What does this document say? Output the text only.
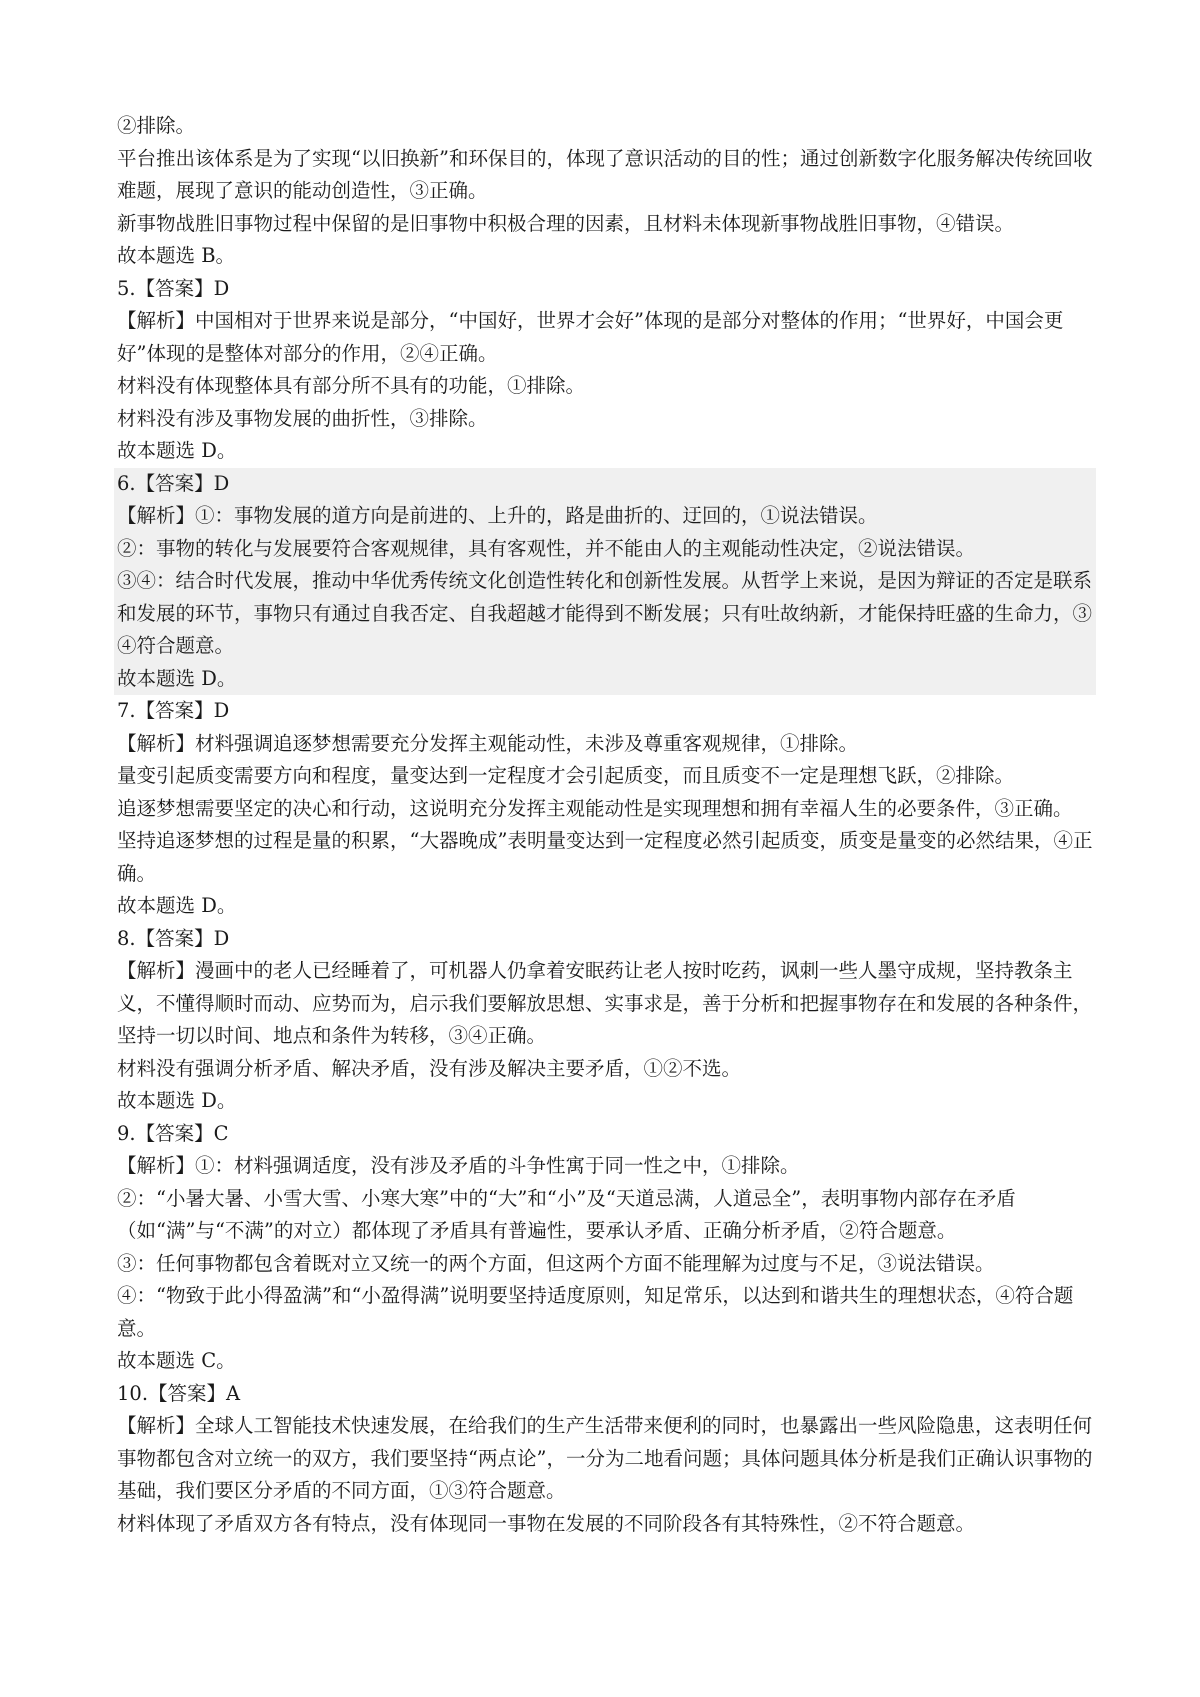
②排除。

平台推出该体系是为了实现“以旧换新”和环保目的，体现了意识活动的目的性；通过创新数字化服务解决传统回收难题，展现了意识的能动创造性，③正确。

新事物战胜旧事物过程中保留的是旧事物中积极合理的因素，且材料未体现新事物战胜旧事物，④错误。

故本题选 B。

5.【答案】D

【解析】中国相对于世界来说是部分，“中国好，世界才会好”体现的是部分对整体的作用；“世界好，中国会更好”体现的是整体对部分的作用，②④正确。

材料没有体现整体具有部分所不具有的功能，①排除。

材料没有涉及事物发展的曲折性，③排除。

故本题选 D。

6.【答案】D

【解析】①：事物发展的道方向是前进的、上升的，路是曲折的、迂回的，①说法错误。

②：事物的转化与发展要符合客观规律，具有客观性，并不能由人的主观能动性决定，②说法错误。

③④：结合时代发展，推动中华优秀传统文化创造性转化和创新性发展。从哲学上来说，是因为辩证的否定是联系和发展的环节，事物只有通过自我否定、自我超越才能得到不断发展；只有吐故纳新，才能保持旺盛的生命力，③④符合题意。

故本题选 D。

7.【答案】D

【解析】材料强调追逐梦想需要充分发挥主观能动性，未涉及尊重客观规律，①排除。

量变引起质变需要方向和程度，量变达到一定程度才会引起质变，而且质变不一定是理想飞跃，②排除。

追逐梦想需要坚定的决心和行动，这说明充分发挥主观能动性是实现理想和拥有幸福人生的必要条件，③正确。

坚持追逐梦想的过程是量的积累，“大器晚成”表明量变达到一定程度必然引起质变，质变是量变的必然结果，④正确。

故本题选 D。

8.【答案】D

【解析】漫画中的老人已经睡着了，可机器人仍拿着安眠药让老人按时吃药，讽刺一些人墨守成规，坚持教条主义，不懂得顺时而动、应势而为，启示我们要解放思想、实事求是，善于分析和把握事物存在和发展的各种条件，坚持一切以时间、地点和条件为转移，③④正确。

材料没有强调分析矛盾、解决矛盾，没有涉及解决主要矛盾，①②不选。

故本题选 D。

9.【答案】C

【解析】①：材料强调适度，没有涉及矛盾的斗争性寓于同一性之中，①排除。

②：“小暑大暑、小雪大雪、小寒大寒”中的“大”和“小”及“天道忌满，人道忌全”，表明事物内部存在矛盾（如“满”与“不满”的对立）都体现了矛盾具有普遍性，要承认矛盾、正确分析矛盾，②符合题意。

③：任何事物都包含着既对立又统一的两个方面，但这两个方面不能理解为过度与不足，③说法错误。

④：“物致于此小得盈满”和“小盈得满”说明要坚持适度原则，知足常乐，以达到和谐共生的理想状态，④符合题意。

故本题选 C。

10.【答案】A

【解析】全球人工智能技术快速发展，在给我们的生产生活带来便利的同时，也暴露出一些风险隐患，这表明任何事物都包含对立统一的双方，我们要坚持“两点论”，一分为二地看问题；具体问题具体分析是我们正确认识事物的基础，我们要区分矛盾的不同方面，①③符合题意。

材料体现了矛盾双方各有特点，没有体现同一事物在发展的不同阶段各有其特殊性，②不符合题意。
